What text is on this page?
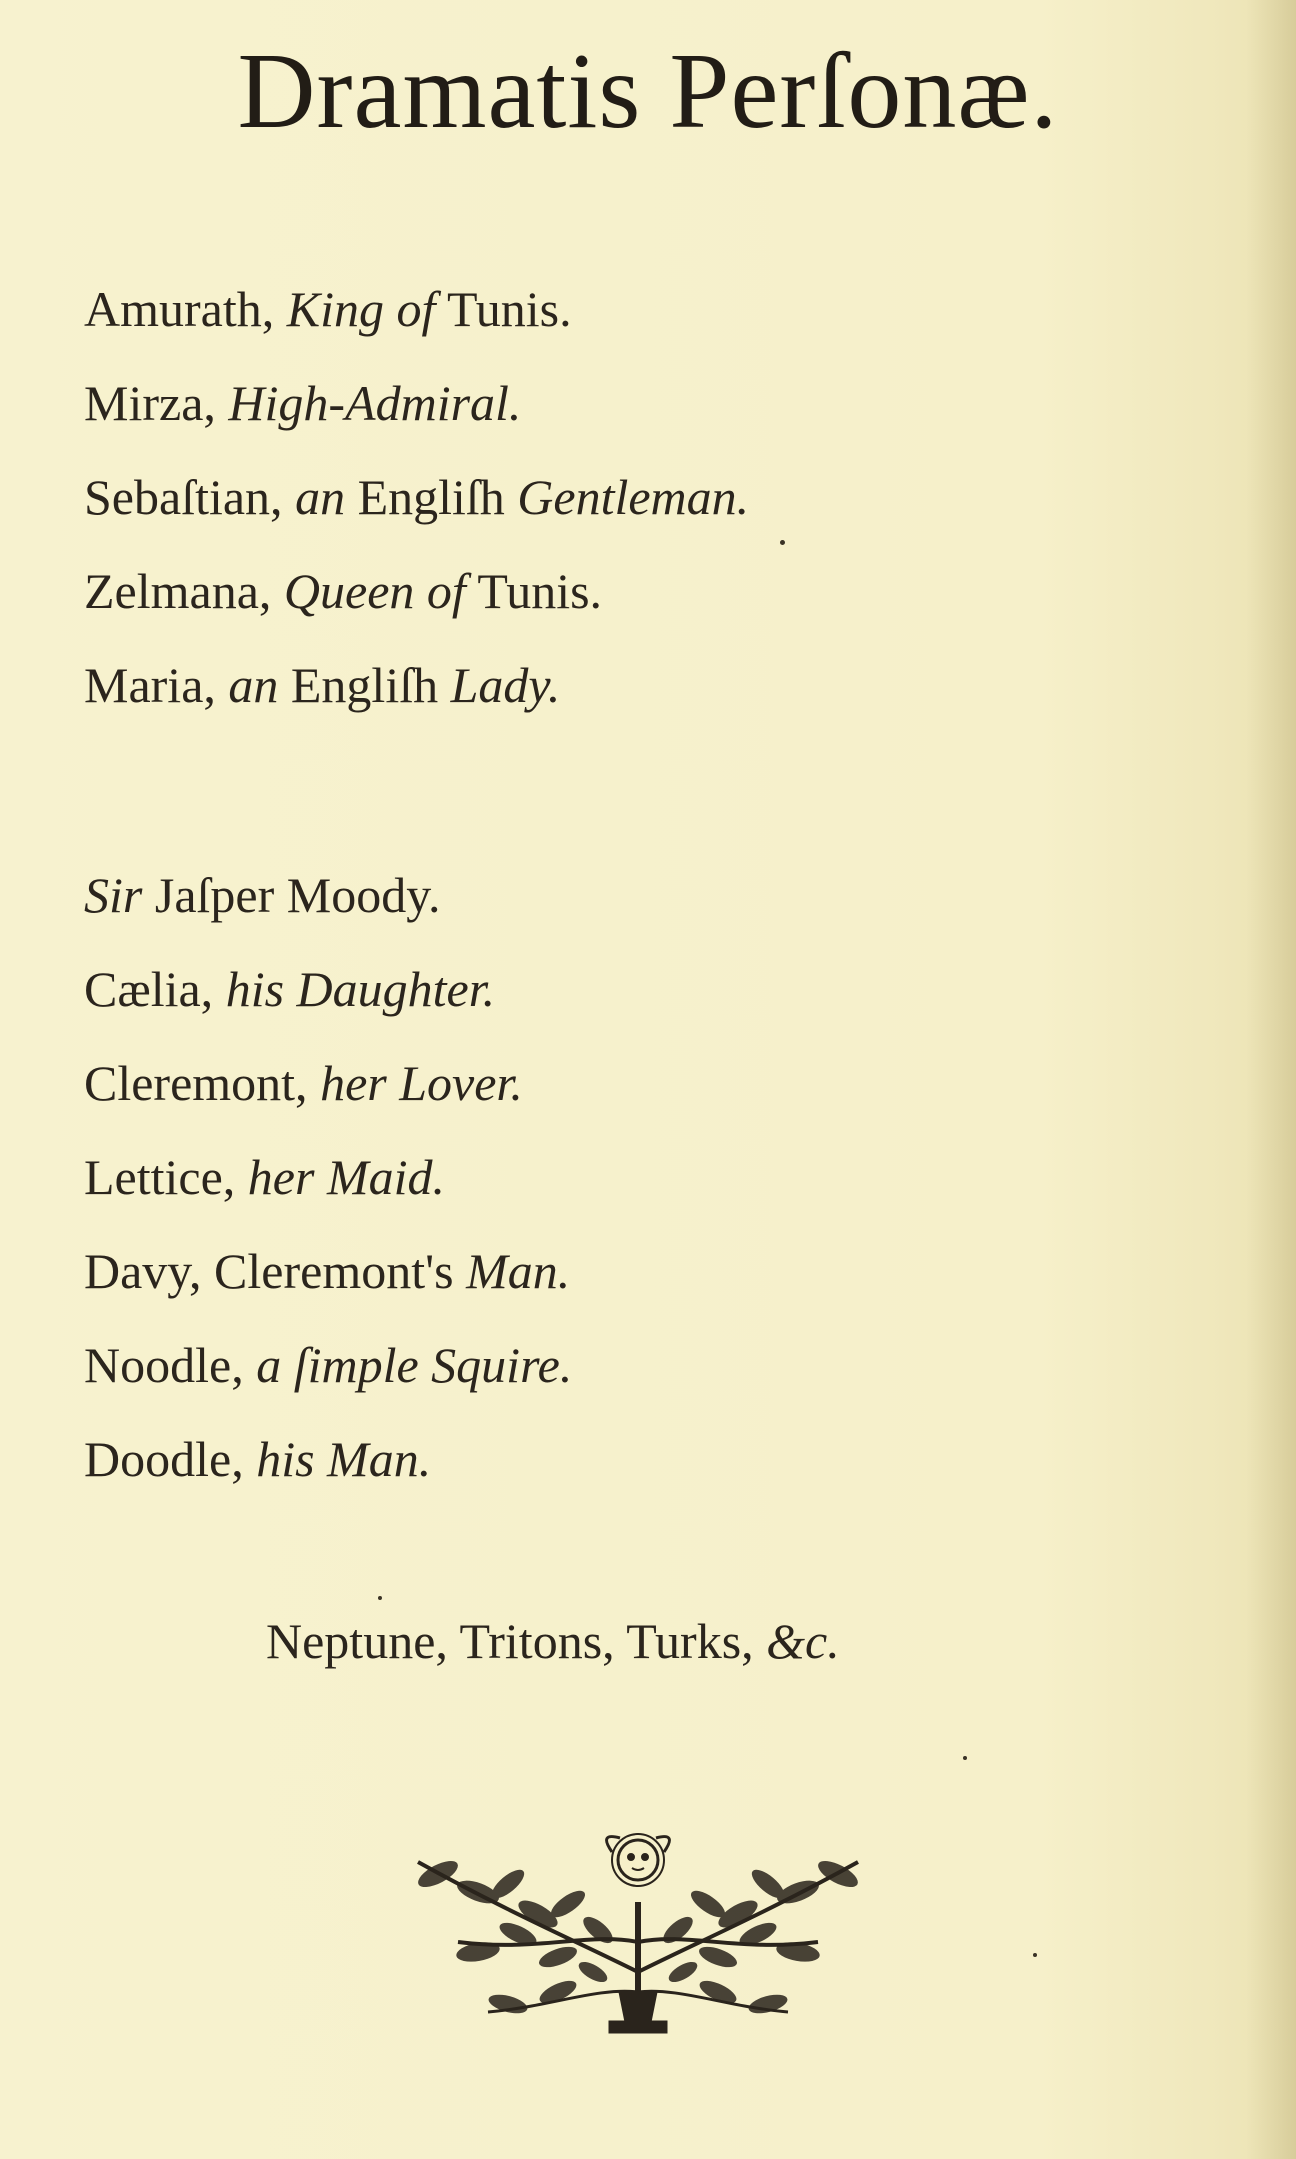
Dramatis Perſonæ.
Amurath, King of Tunis.
Mirza, High-Admiral.
Sebaſtian, an Engliſh Gentleman.
Zelmana, Queen of Tunis.
Maria, an Engliſh Lady.
Sir Jaſper Moody.
Cælia, his Daughter.
Cleremont, her Lover.
Lettice, her Maid.
Davy, Cleremont's Man.
Noodle, a ſimple Squire.
Doodle, his Man.
Neptune, Tritons, Turks, &c.
